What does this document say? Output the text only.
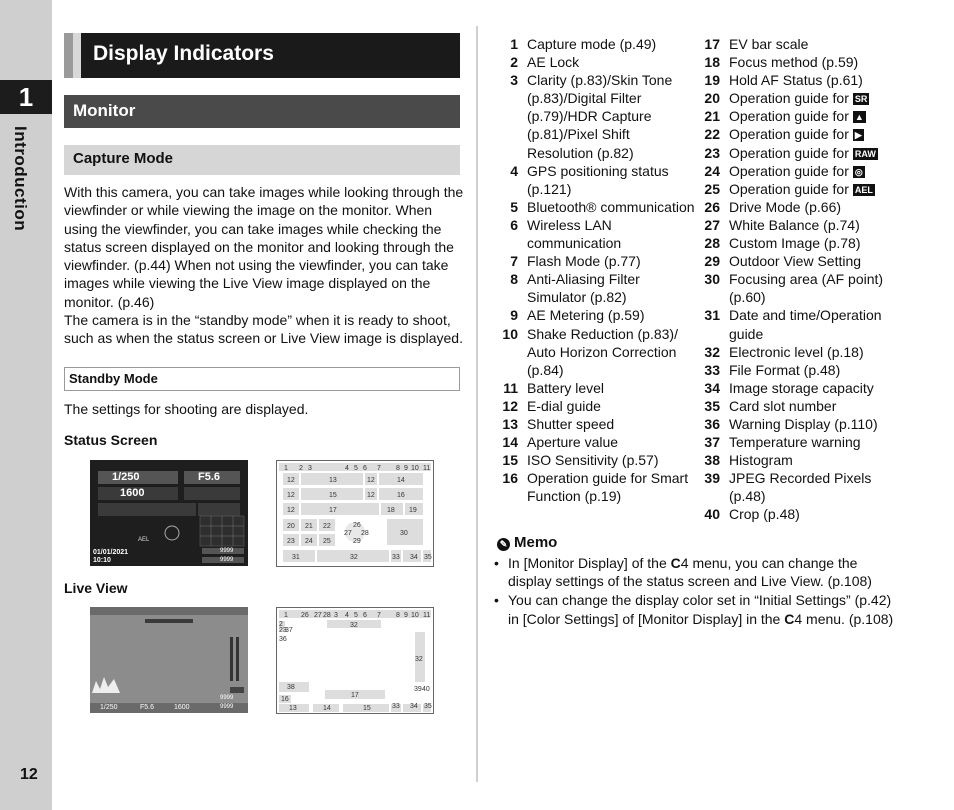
1
Introduction
12
Display Indicators
Monitor
Capture Mode

With this camera, you can take images while looking through the viewfinder or while viewing the image on the monitor. When using the viewfinder, you can take images while checking the status screen displayed on the monitor and looking through the viewfinder. (p.44) When not using the viewfinder, you can take images while viewing the Live View image displayed on the monitor. (p.46)

The camera is in the “standby mode” when it is ready to shoot, such as when the status screen or Live View image is displayed.

Standby Mode
The settings for shooting are displayed.
Status Screen
Live View
1/250	F5.6
1600
AEL
01/01/2021
10:10
9999
9999
1 2 3	4 5 6 7 8 9 10 11
12	13	12	14
12	15	12	16
12	17	18 19
20 21 22	26
27 28
29
30
23 24 25
31	32	33 34 35
1/250	F5.6	1600
9999
9999
1 26 27 28 3 4 5 6 7 8 9 10 11
32
2
23
37
36
32
38	39 40
17
16
13	14	15	33 34 35
1 Capture mode (p.49)
2 AE Lock
3 Clarity (p.83)/Skin Tone (p.83)/Digital Filter (p.79)/HDR Capture (p.81)/Pixel Shift Resolution (p.82)
4 GPS positioning status (p.121)
5 Bluetooth® communication
6 Wireless LAN communication
7 Flash Mode (p.77)
8 Anti-Aliasing Filter Simulator (p.82)
9 AE Metering (p.59)
10 Shake Reduction (p.83)/ Auto Horizon Correction (p.84)
11 Battery level
12 E-dial guide
13 Shutter speed
14 Aperture value
15 ISO Sensitivity (p.57)
16 Operation guide for Smart Function (p.19)
17 EV bar scale
18 Focus method (p.59)
19 Hold AF Status (p.61)
20 Operation guide for SR
21 Operation guide for ▲
22 Operation guide for ▶
23 Operation guide for RAW
24 Operation guide for ◎
25 Operation guide for AEL
26 Drive Mode (p.66)
27 White Balance (p.74)
28 Custom Image (p.78)
29 Outdoor View Setting
30 Focusing area (AF point) (p.60)
31 Date and time/Operation guide
32 Electronic level (p.18)
33 File Format (p.48)
34 Image storage capacity
35 Card slot number
36 Warning Display (p.110)
37 Temperature warning
38 Histogram
39 JPEG Recorded Pixels (p.48)
40 Crop (p.48)
✎ Memo
• In [Monitor Display] of the C4 menu, you can change the display settings of the status screen and Live View. (p.108)
• You can change the display color set in “Initial Settings” (p.42) in [Color Settings] of [Monitor Display] in the C4 menu. (p.108)
